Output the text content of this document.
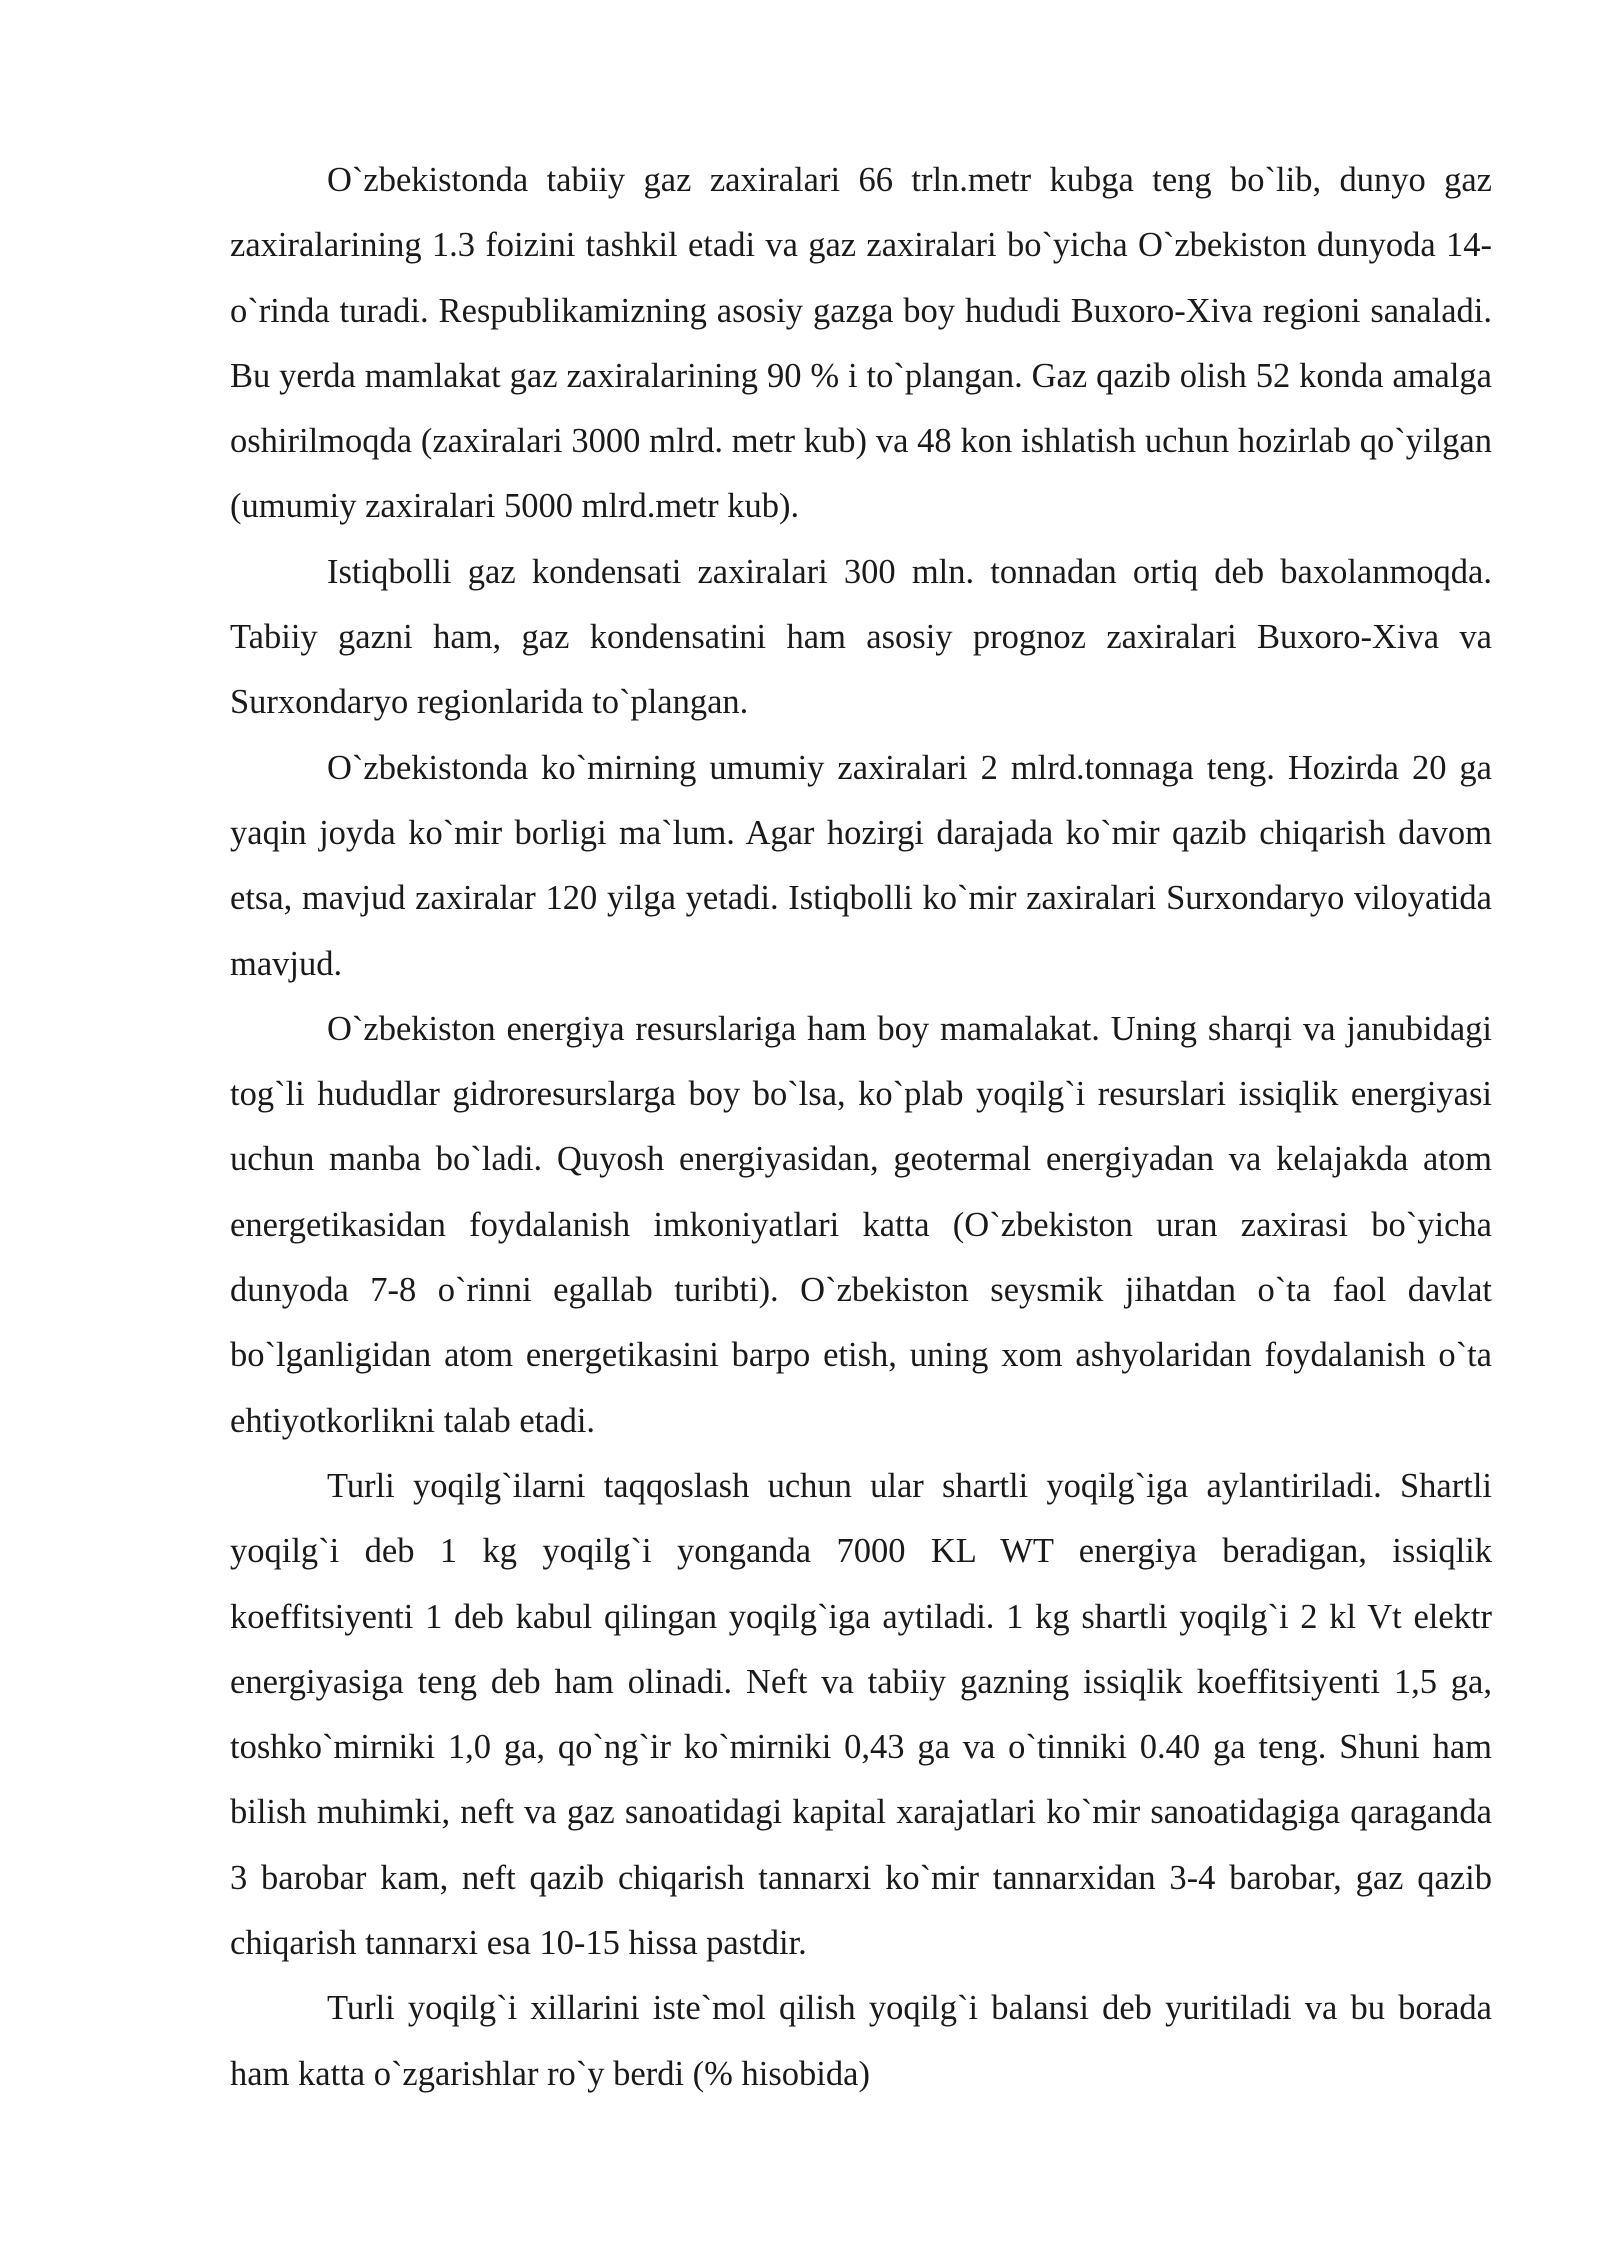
O`zbekistonda tabiiy gaz zaxiralari 66 trln.metr kubga teng bo`lib, dunyo gaz zaxiralarining 1.3 foizini tashkil etadi va gaz zaxiralari bo`yicha O`zbekiston dunyoda 14-o`rinda turadi. Respublikamizning asosiy gazga boy hududi Buxoro-Xiva regioni sanaladi. Bu yerda mamlakat gaz zaxiralarining 90 % i to`plangan. Gaz qazib olish 52 konda amalga oshirilmoqda (zaxiralari 3000 mlrd. metr kub) va 48 kon ishlatish uchun hozirlab qo`yilgan (umumiy zaxiralari 5000 mlrd.metr kub).

Istiqbolli gaz kondensati zaxiralari 300 mln. tonnadan ortiq deb baxolanmoqda. Tabiiy gazni ham, gaz kondensatini ham asosiy prognoz zaxiralari Buxoro-Xiva va Surxondaryo regionlarida to`plangan.

O`zbekistonda ko`mirning umumiy zaxiralari 2 mlrd.tonnaga teng. Hozirda 20 ga yaqin joyda ko`mir borligi ma`lum. Agar hozirgi darajada ko`mir qazib chiqarish davom etsa, mavjud zaxiralar 120 yilga yetadi. Istiqbolli ko`mir zaxiralari Surxondaryo viloyatida mavjud.

O`zbekiston energiya resurslariga ham boy mamalakat. Uning sharqi va janubidagi tog`li hududlar gidroresurslarga boy bo`lsa, ko`plab yoqilg`i resurslari issiqlik energiyasi uchun manba bo`ladi. Quyosh energiyasidan, geotermal energiyadan va kelajakda atom energetikasidan foydalanish imkoniyatlari katta (O`zbekiston uran zaxirasi bo`yicha dunyoda 7-8 o`rinni egallab turibti). O`zbekiston seysmik jihatdan o`ta faol davlat bo`lganligidan atom energetikasini barpo etish, uning xom ashyolaridan foydalanish o`ta ehtiyotkorlikni talab etadi.

Turli yoqilg`ilarni taqqoslash uchun ular shartli yoqilg`iga aylantiriladi. Shartli yoqilg`i deb 1 kg yoqilg`i yonganda 7000 KL WT energiya beradigan, issiqlik koeffitsiyenti 1 deb kabul qilingan yoqilg`iga aytiladi. 1 kg shartli yoqilg`i 2 kl Vt elektr energiyasiga teng deb ham olinadi. Neft va tabiiy gazning issiqlik koeffitsiyenti 1,5 ga, toshko`mirniki 1,0 ga, qo`ng`ir ko`mirniki 0,43 ga va o`tinniki 0.40 ga teng. Shuni ham bilish muhimki, neft va gaz sanoatidagi kapital xarajatlari ko`mir sanoatidagiga qaraganda 3 barobar kam, neft qazib chiqarish tannarxi ko`mir tannarxidan 3-4 barobar, gaz qazib chiqarish tannarxi esa 10-15 hissa pastdir.

Turli yoqilg`i xillarini iste`mol qilish yoqilg`i balansi deb yuritiladi va bu borada ham katta o`zgarishlar ro`y berdi (% hisobida)
